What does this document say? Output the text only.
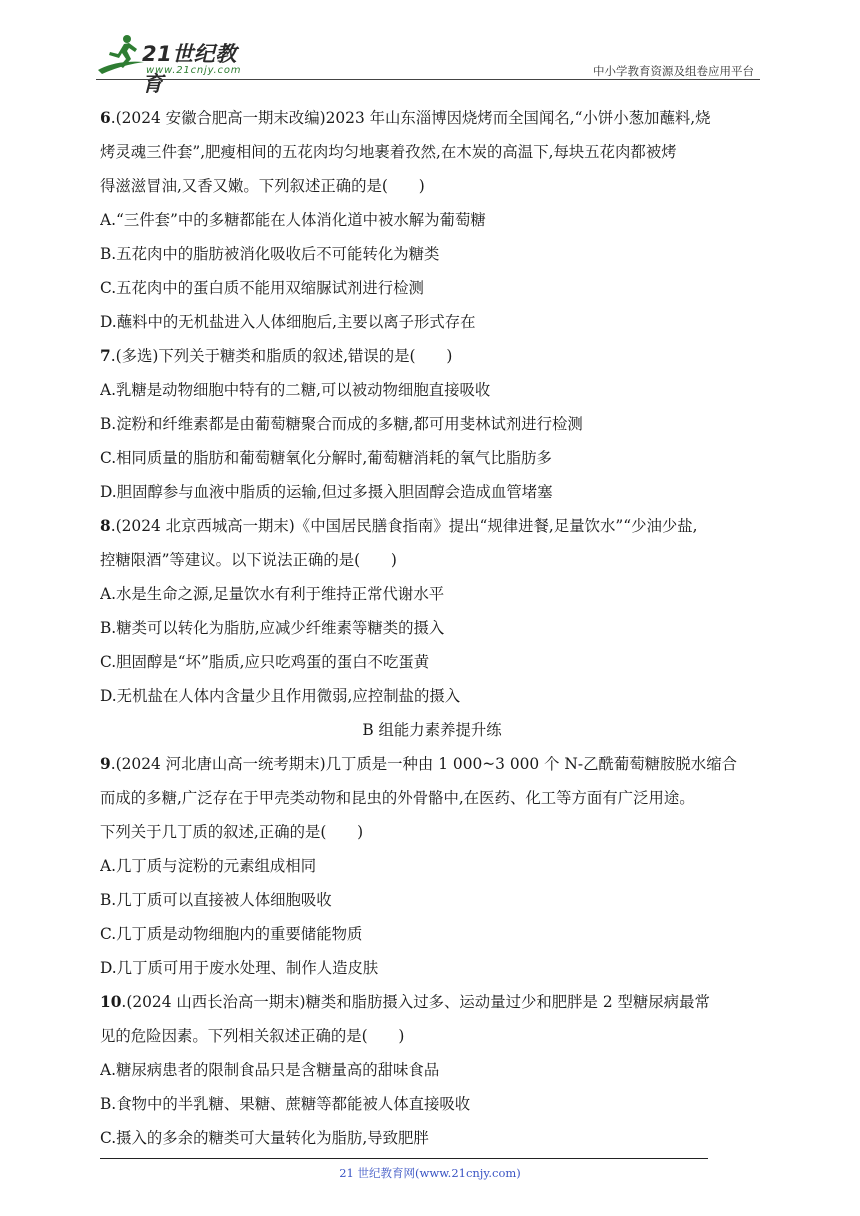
21世纪教育
www.21cnjy.com	中小学教育资源及组卷应用平台
6.(2024 安徽合肥高一期末改编)2023 年山东淄博因烧烤而全国闻名,“小饼小葱加蘸料,烧
烤灵魂三件套”,肥瘦相间的五花肉均匀地裹着孜然,在木炭的高温下,每块五花肉都被烤
得滋滋冒油,又香又嫩。下列叙述正确的是(　　)
A.“三件套”中的多糖都能在人体消化道中被水解为葡萄糖
B.五花肉中的脂肪被消化吸收后不可能转化为糖类
C.五花肉中的蛋白质不能用双缩脲试剂进行检测
D.蘸料中的无机盐进入人体细胞后,主要以离子形式存在
7.(多选)下列关于糖类和脂质的叙述,错误的是(　　)
A.乳糖是动物细胞中特有的二糖,可以被动物细胞直接吸收
B.淀粉和纤维素都是由葡萄糖聚合而成的多糖,都可用斐林试剂进行检测
C.相同质量的脂肪和葡萄糖氧化分解时,葡萄糖消耗的氧气比脂肪多
D.胆固醇参与血液中脂质的运输,但过多摄入胆固醇会造成血管堵塞
8.(2024 北京西城高一期末)《中国居民膳食指南》提出“规律进餐,足量饮水”“少油少盐,
控糖限酒”等建议。以下说法正确的是(　　)
A.水是生命之源,足量饮水有利于维持正常代谢水平
B.糖类可以转化为脂肪,应减少纤维素等糖类的摄入
C.胆固醇是“坏”脂质,应只吃鸡蛋的蛋白不吃蛋黄
D.无机盐在人体内含量少且作用微弱,应控制盐的摄入
B 组能力素养提升练
9.(2024 河北唐山高一统考期末)几丁质是一种由 1 000~3 000 个 N-乙酰葡萄糖胺脱水缩合
而成的多糖,广泛存在于甲壳类动物和昆虫的外骨骼中,在医药、化工等方面有广泛用途。
下列关于几丁质的叙述,正确的是(　　)
A.几丁质与淀粉的元素组成相同
B.几丁质可以直接被人体细胞吸收
C.几丁质是动物细胞内的重要储能物质
D.几丁质可用于废水处理、制作人造皮肤
10.(2024 山西长治高一期末)糖类和脂肪摄入过多、运动量过少和肥胖是 2 型糖尿病最常
见的危险因素。下列相关叙述正确的是(　　)
A.糖尿病患者的限制食品只是含糖量高的甜味食品
B.食物中的半乳糖、果糖、蔗糖等都能被人体直接吸收
C.摄入的多余的糖类可大量转化为脂肪,导致肥胖
21 世纪教育网(www.21cnjy.com)
